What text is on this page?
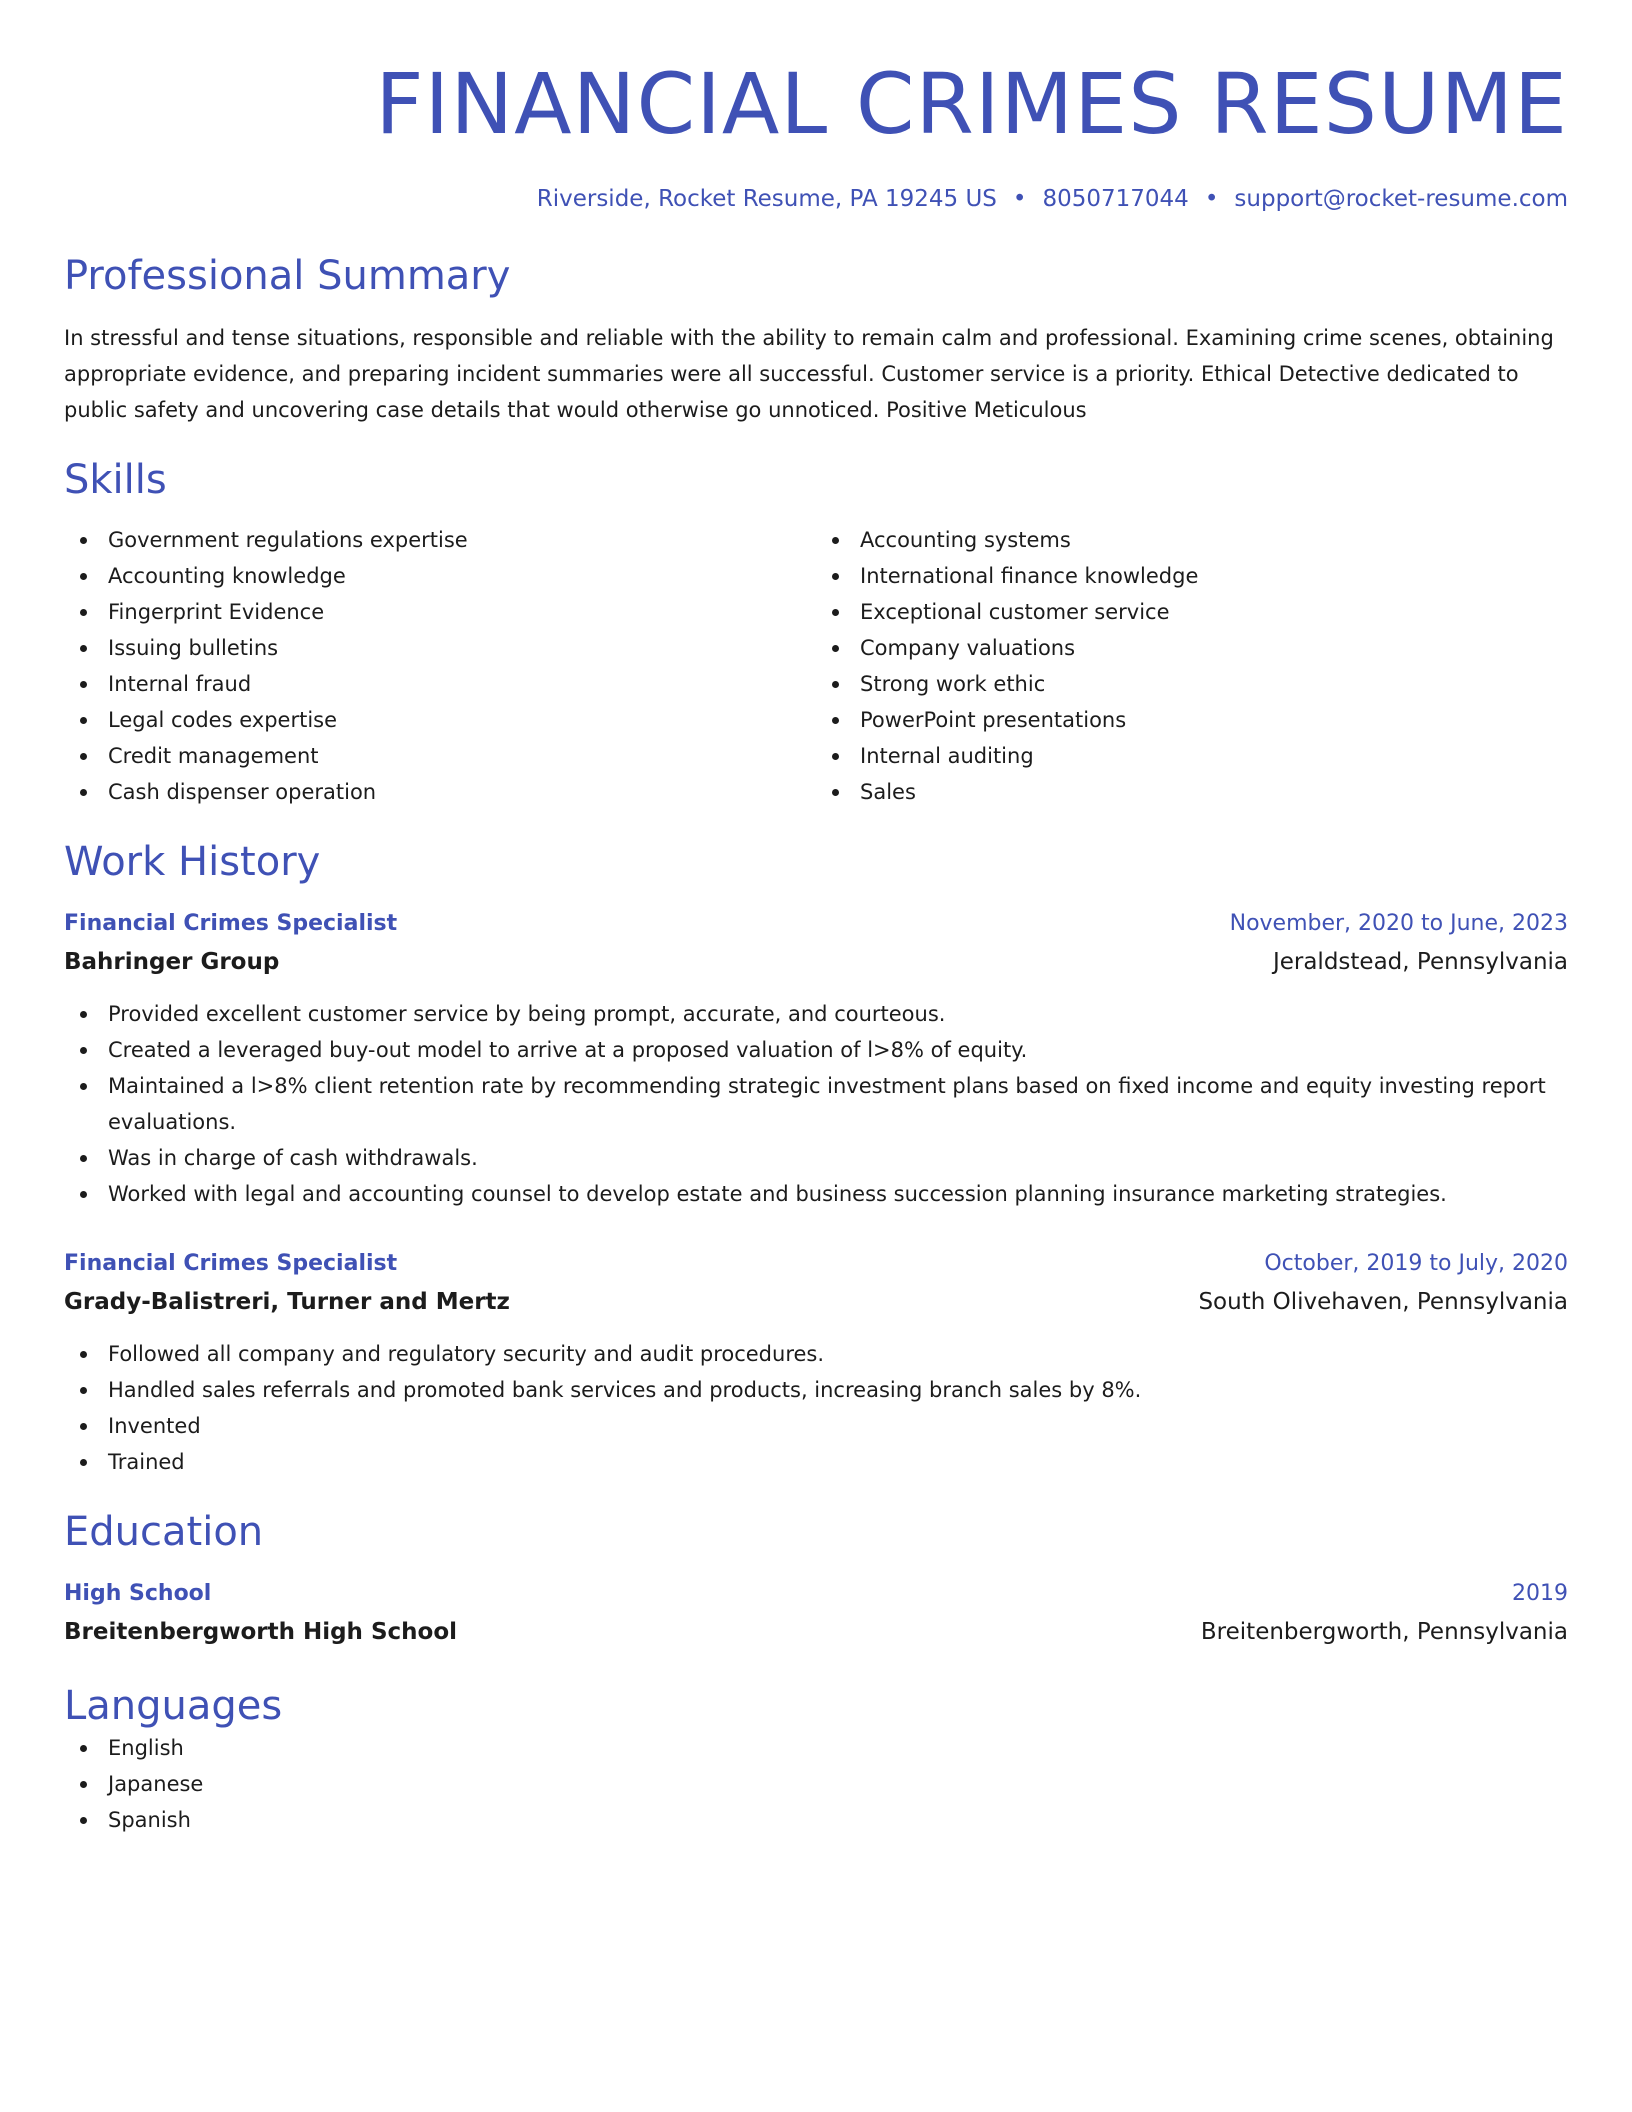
FINANCIAL CRIMES RESUME
Riverside, Rocket Resume, PA 19245 US • 8050717044 • support@rocket-resume.com
Professional Summary

In stressful and tense situations, responsible and reliable with the ability to remain calm and professional. Examining crime scenes, obtaining appropriate evidence, and preparing incident summaries were all successful. Customer service is a priority. Ethical Detective dedicated to public safety and uncovering case details that would otherwise go unnoticed. Positive Meticulous

Skills
Government regulations expertise
Accounting knowledge
Fingerprint Evidence
Issuing bulletins
Internal fraud
Legal codes expertise
Credit management
Cash dispenser operation
Accounting systems
International finance knowledge
Exceptional customer service
Company valuations
Strong work ethic
PowerPoint presentations
Internal auditing
Sales
Work History
Financial Crimes Specialist	November, 2020 to June, 2023
Bahringer Group	Jeraldstead, Pennsylvania
Provided excellent customer service by being prompt, accurate, and courteous.
Created a leveraged buy-out model to arrive at a proposed valuation of l>8% of equity.
Maintained a l>8% client retention rate by recommending strategic investment plans based on fixed income and equity investing report evaluations.
Was in charge of cash withdrawals.
Worked with legal and accounting counsel to develop estate and business succession planning insurance marketing strategies.
Financial Crimes Specialist	October, 2019 to July, 2020
Grady-Balistreri, Turner and Mertz	South Olivehaven, Pennsylvania
Followed all company and regulatory security and audit procedures.
Handled sales referrals and promoted bank services and products, increasing branch sales by 8%.
Invented
Trained
Education
High School	2019
Breitenbergworth High School	Breitenbergworth, Pennsylvania
Languages
English
Japanese
Spanish
